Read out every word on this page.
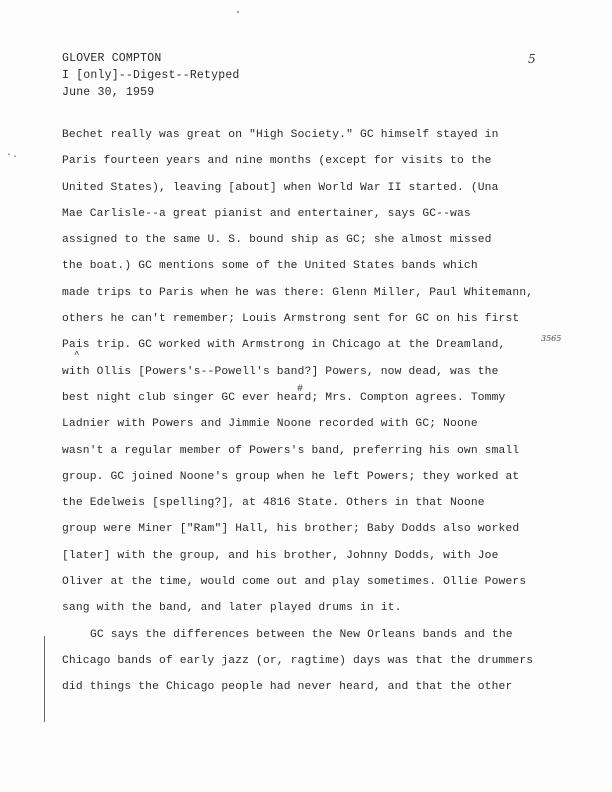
GLOVER COMPTON
I [only]--Digest--Retyped
June 30, 1959
5
·.
3565
^
#
Bechet really was great on "High Society." GC himself stayed in
Paris fourteen years and nine months (except for visits to the
United States), leaving [about] when World War II started. (Una
Mae Carlisle--a great pianist and entertainer, says GC--was
assigned to the same U. S. bound ship as GC; she almost missed
the boat.) GC mentions some of the United States bands which
made trips to Paris when he was there: Glenn Miller, Paul Whitemann,
others he can't remember; Louis Armstrong sent for GC on his first
Pais trip. GC worked with Armstrong in Chicago at the Dreamland,
with Ollis [Powers's--Powell's band?] Powers, now dead, was the
best night club singer GC ever heard; Mrs. Compton agrees. Tommy
Ladnier with Powers and Jimmie Noone recorded with GC; Noone
wasn't a regular member of Powers's band, preferring his own small
group. GC joined Noone's group when he left Powers; they worked at
the Edelweis [spelling?], at 4816 State. Others in that Noone
group were Miner ["Ram"] Hall, his brother; Baby Dodds also worked
[later] with the group, and his brother, Johnny Dodds, with Joe
Oliver at the time, would come out and play sometimes. Ollie Powers
sang with the band, and later played drums in it.
GC says the differences between the New Orleans bands and the
Chicago bands of early jazz (or, ragtime) days was that the drummers
did things the Chicago people had never heard, and that the other
